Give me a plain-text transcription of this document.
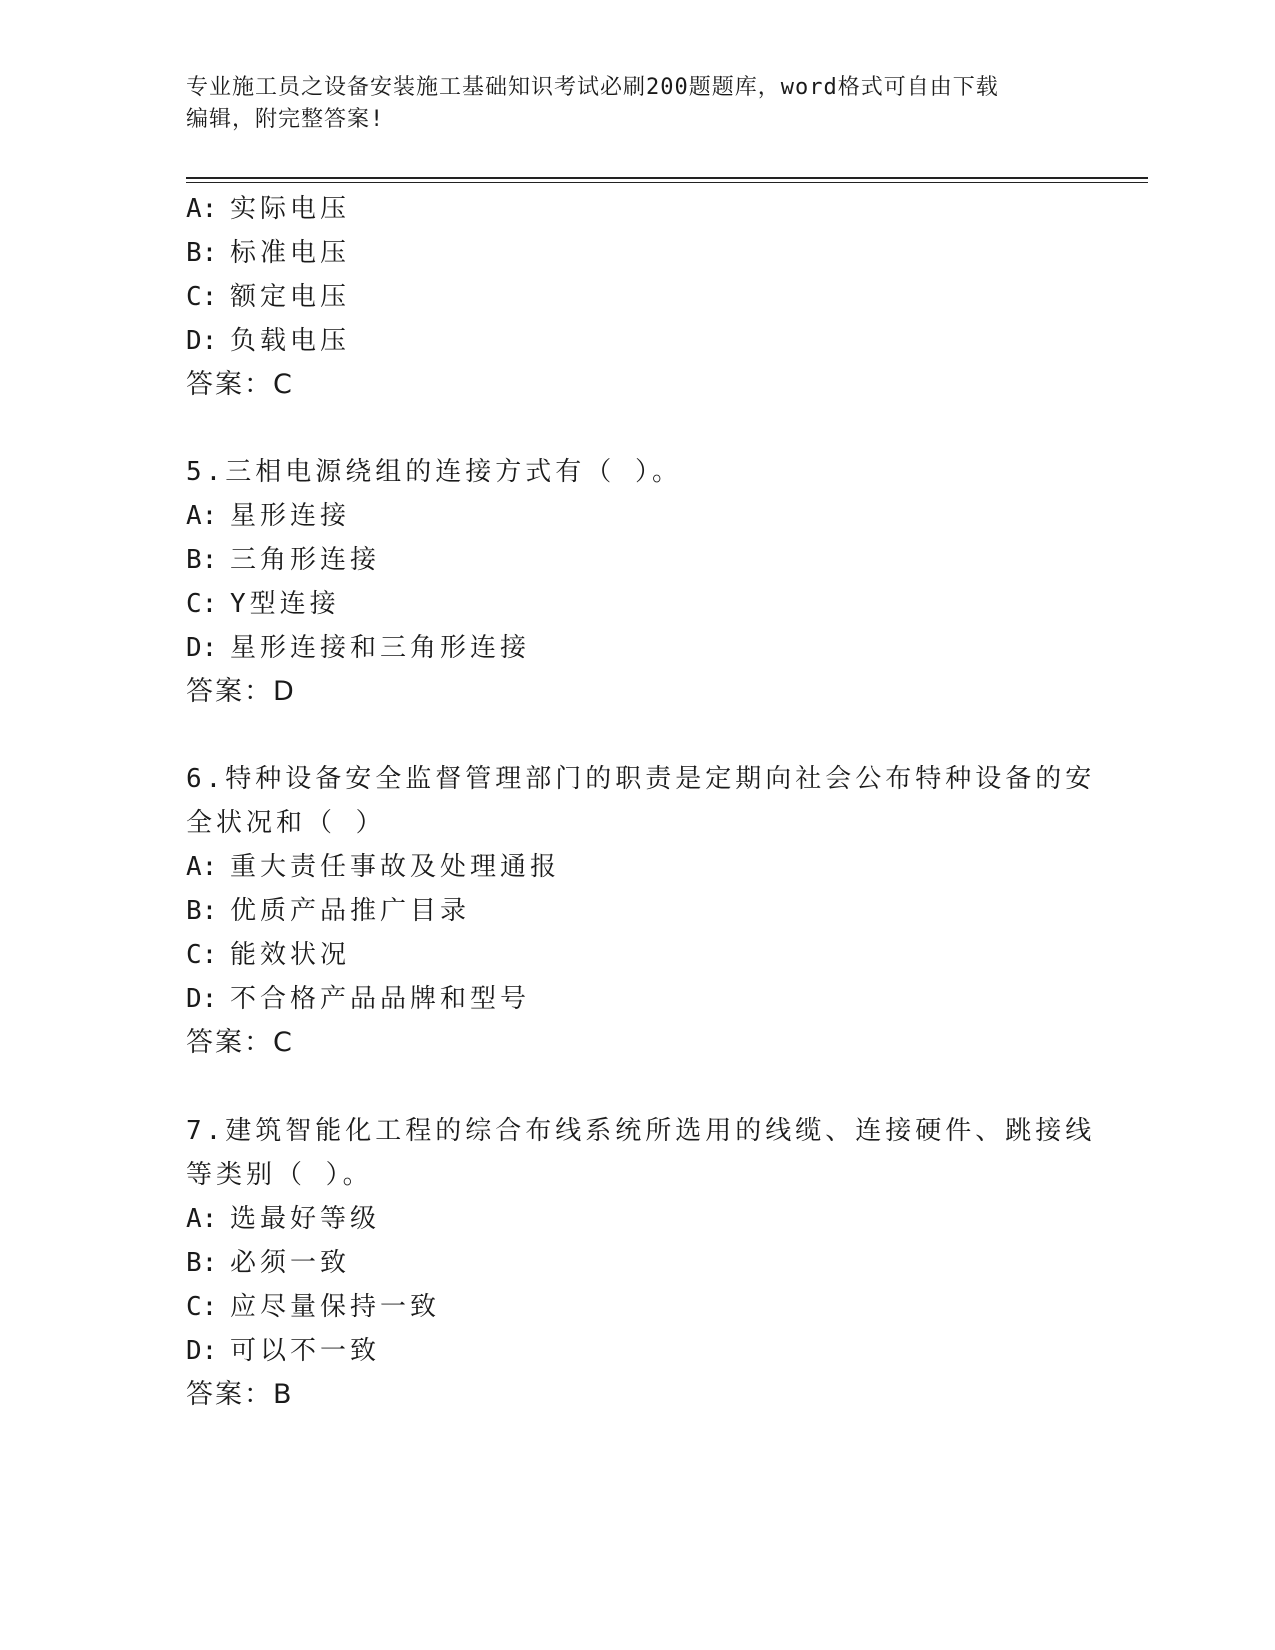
专业施工员之设备安装施工基础知识考试必刷200题题库，word格式可自由下载
编辑，附完整答案!
A: 实际电压
B: 标准电压
C: 额定电压
D: 负载电压
答案：C
5.三相电源绕组的连接方式有（ ）。
A: 星形连接
B: 三角形连接
C: Y型连接
D: 星形连接和三角形连接
答案：D
6.特种设备安全监督管理部门的职责是定期向社会公布特种设备的安
全状况和（ ）
A: 重大责任事故及处理通报
B: 优质产品推广目录
C: 能效状况
D: 不合格产品品牌和型号
答案：C
7.建筑智能化工程的综合布线系统所选用的线缆、连接硬件、跳接线
等类别（ ）。
A: 选最好等级
B: 必须一致
C: 应尽量保持一致
D: 可以不一致
答案：B
